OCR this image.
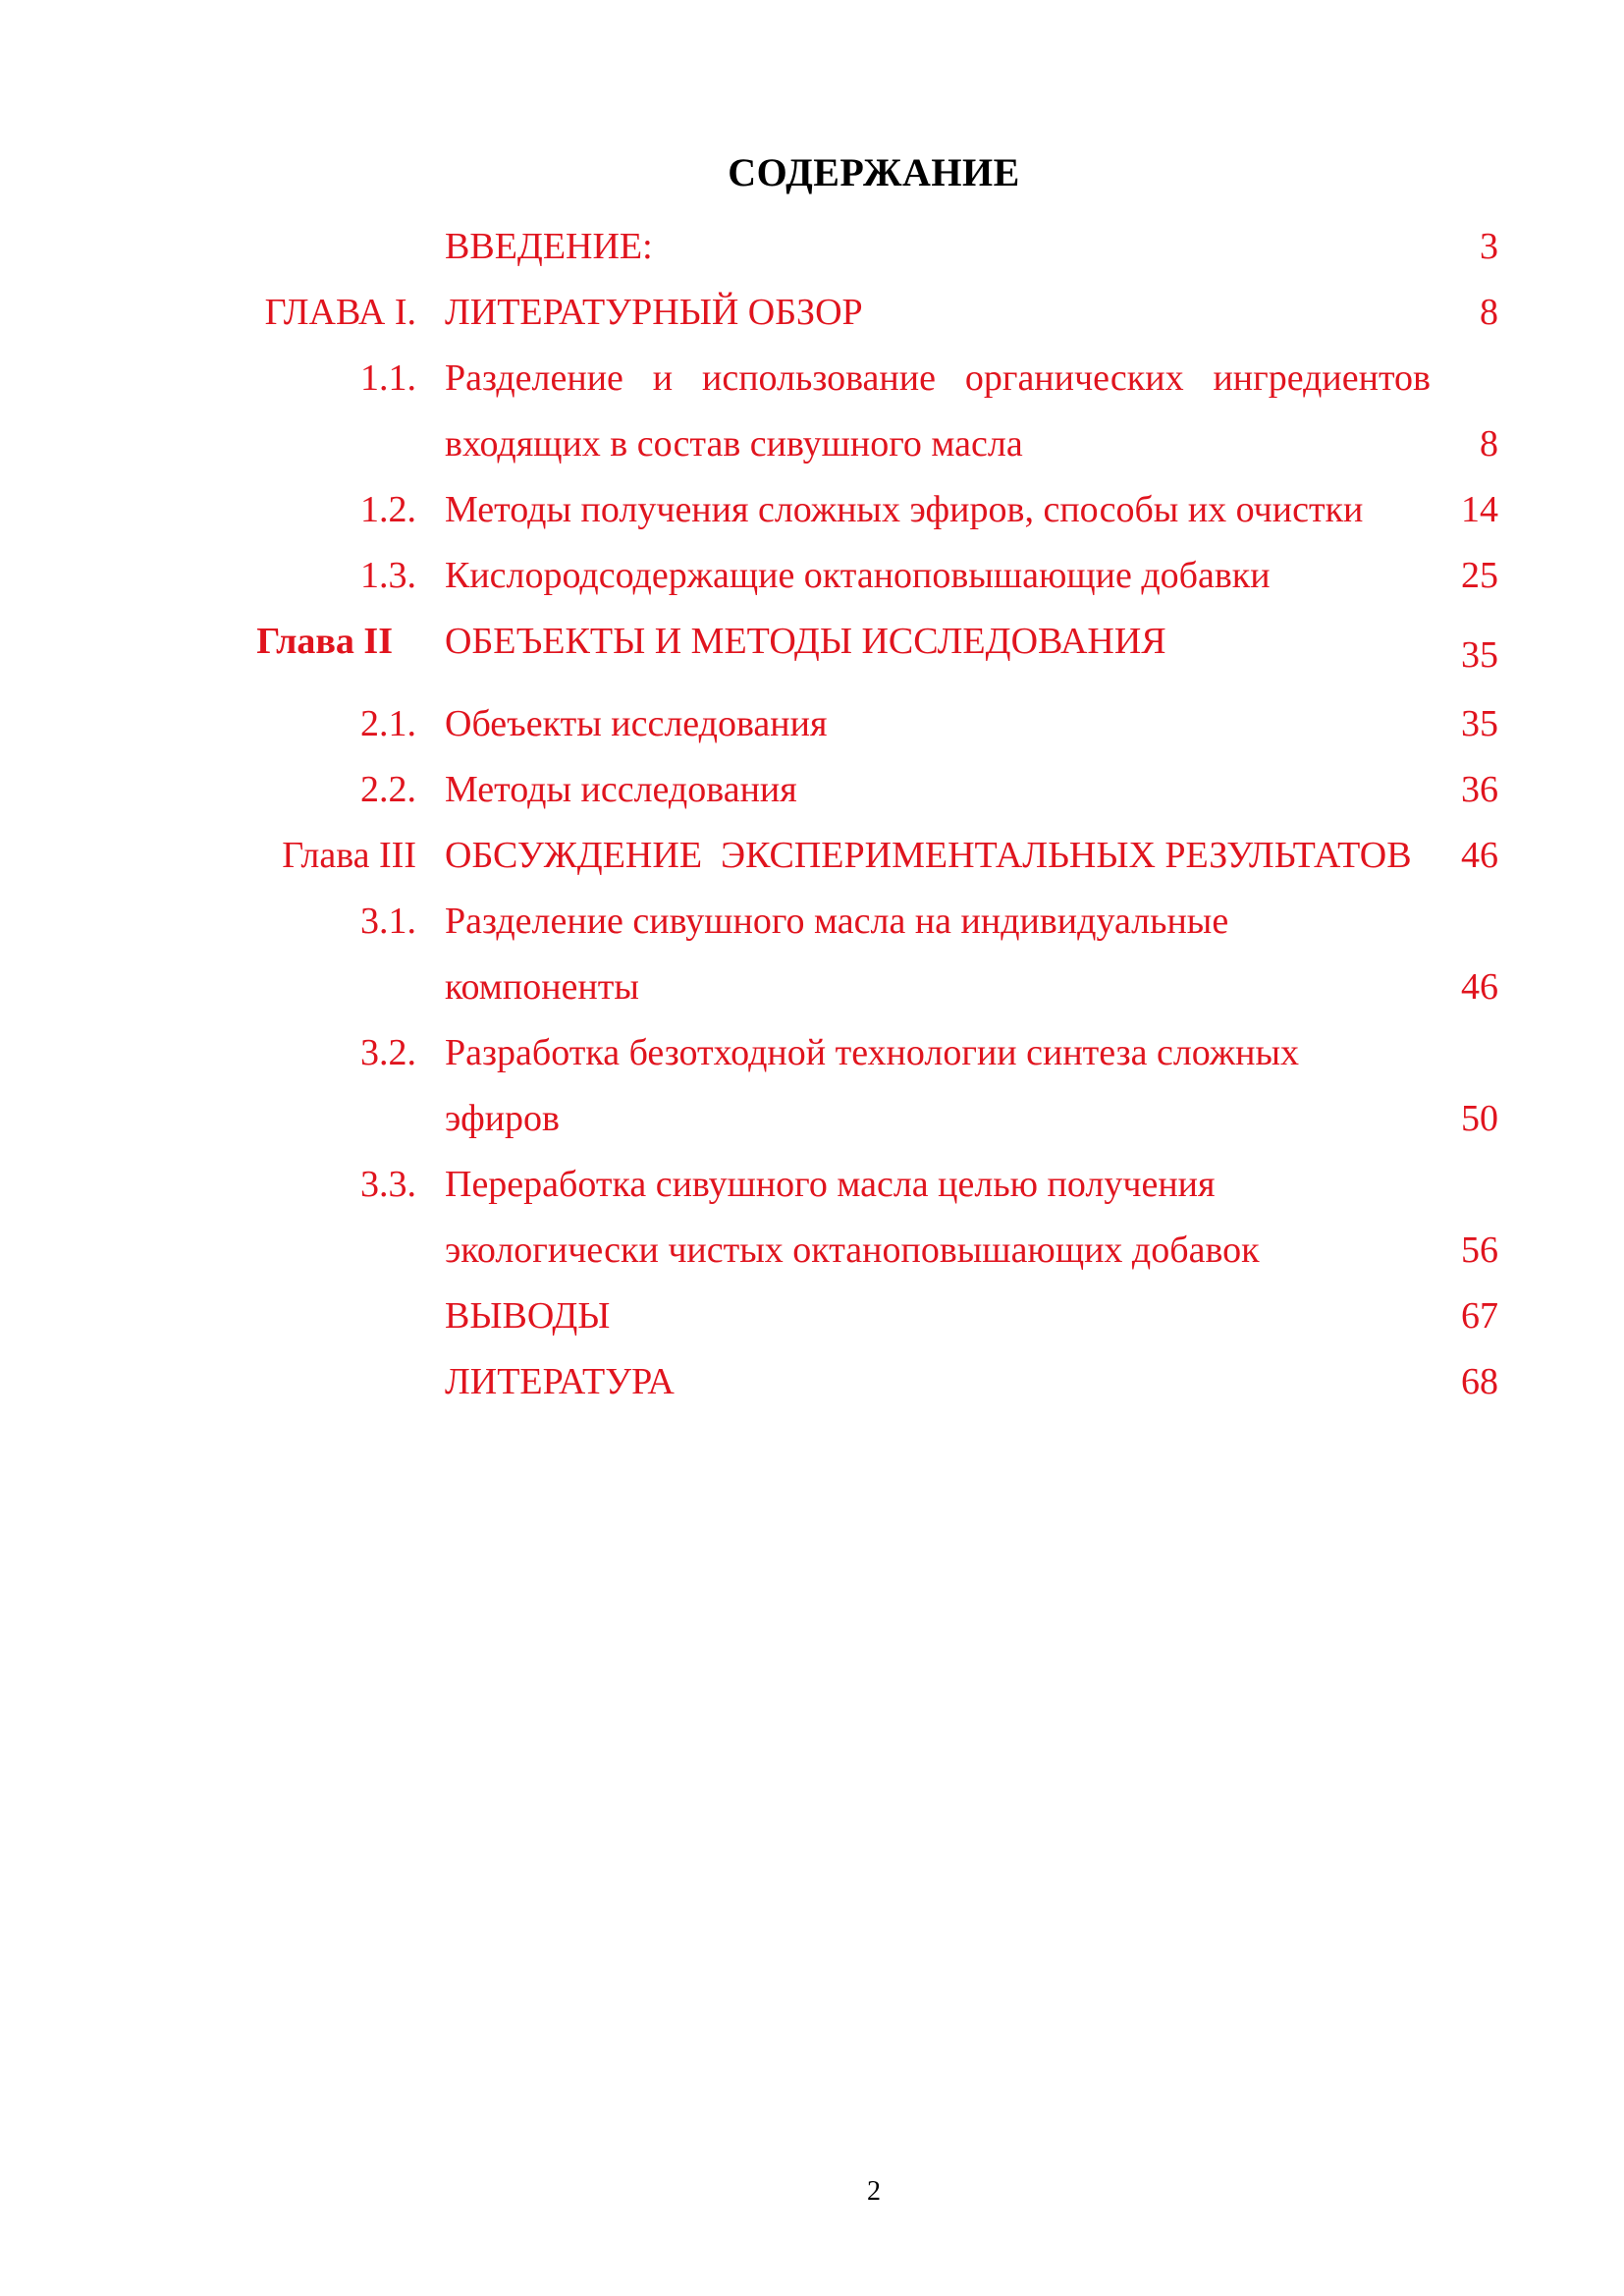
СОДЕРЖАНИЕ
ВВЕДЕНИЕ:	3
ГЛАВА I. ЛИТЕРАТУРНЫЙ ОБЗОР	8
1.1. Разделение и использование органических ингредиентов
входящих в состав сивушного масла	8
1.2. Методы получения сложных эфиров, способы их очистки	14
1.3. Кислородсодержащие октаноповышающие добавки	25
Глава II ОБЕЪЕКТЫ И МЕТОДЫ ИССЛЕДОВАНИЯ	35
2.1. Обеъекты исследования	35
2.2. Методы исследования	36
Глава III ОБСУЖДЕНИЕ  ЭКСПЕРИМЕНТАЛЬНЫХ РЕЗУЛЬТАТОВ 46
3.1. Разделение сивушного масла на индивидуальные
компоненты	46
3.2. Разработка безотходной технологии синтеза сложных
эфиров	50
3.3. Переработка сивушного масла целью получения
экологически чистых октаноповышающих добавок	56
ВЫВОДЫ	67
ЛИТЕРАТУРА	68
2
